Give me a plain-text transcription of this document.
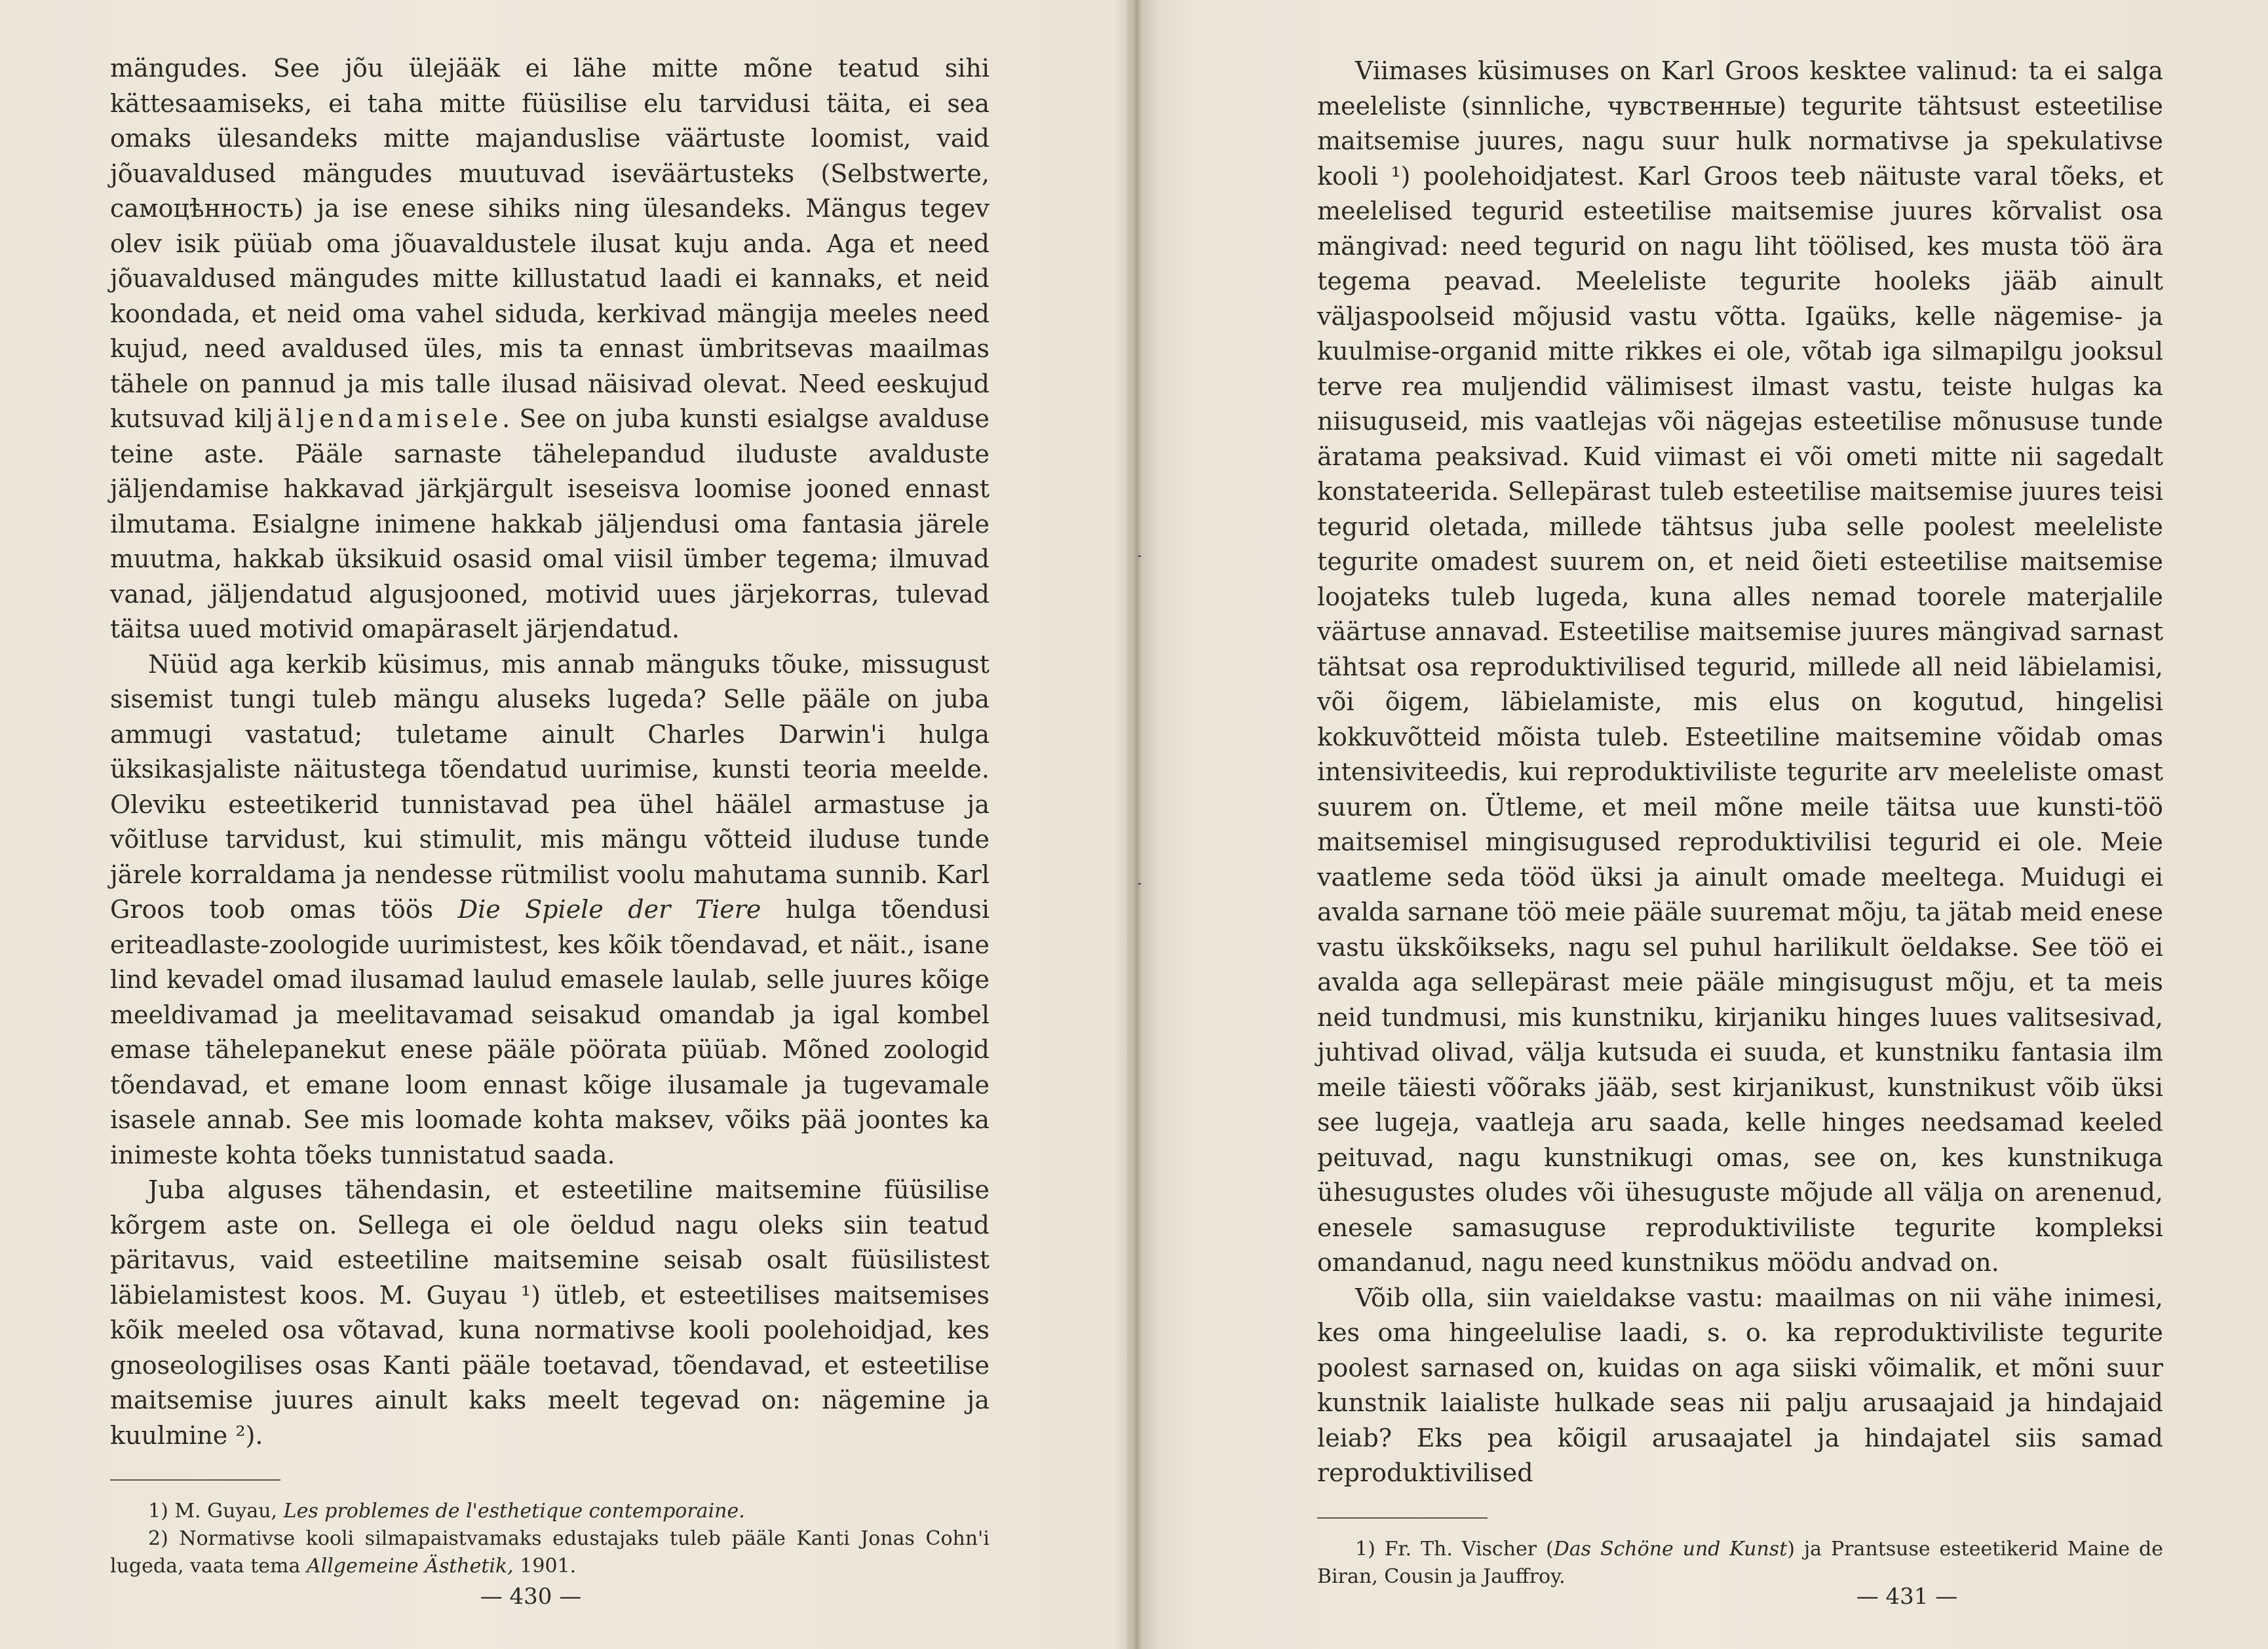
mängudes. See jõu ülejääk ei lähe mitte mõne teatud sihi kättesaamiseks, ei taha mitte füüsilise elu tarvidusi täita, ei sea omaks ülesandeks mitte majanduslise väärtuste loomist, vaid jõuavaldused mängudes muutuvad iseväärtusteks (Selbstwerte, самоцѣнность) ja ise enese sihiks ning ülesandeks. Mängus tegev olev isik püüab oma jõuavaldustele ilusat kuju anda. Aga et need jõuavaldused mängudes mitte killustatud laadi ei kannaks, et neid koondada, et neid oma vahel siduda, kerkivad mängija meeles need kujud, need avaldused üles, mis ta ennast ümbritsevas maailmas tähele on pannud ja mis talle ilusad näisivad olevat. Need eeskujud kutsuvad kiljäljendamisele. See on juba kunsti esialgse avalduse teine aste. Pääle sarnaste tähelepandud iluduste avalduste jäljendamise hakkavad järkjärgult iseseisva loomise jooned ennast ilmutama. Esialgne inimene hakkab jäljendusi oma fantasia järele muutma, hakkab üksikuid osasid omal viisil ümber tegema; ilmuvad vanad, jäljendatud algusjooned, motivid uues järjekorras, tulevad täitsa uued motivid omapäraselt järjendatud.

Nüüd aga kerkib küsimus, mis annab mänguks tõuke, missugust sisemist tungi tuleb mängu aluseks lugeda? Selle pääle on juba ammugi vastatud; tuletame ainult Charles Darwin'i hulga üksikasjaliste näitustega tõendatud uurimise, kunsti teoria meelde. Oleviku esteetikerid tunnistavad pea ühel häälel armastuse ja võitluse tarvidust, kui stimulit, mis mängu võtteid iluduse tunde järele korraldama ja nendesse rütmilist voolu mahutama sunnib. Karl Groos toob omas töös Die Spiele der Tiere hulga tõendusi eriteadlaste-zoologide uurimistest, kes kõik tõendavad, et näit., isane lind kevadel omad ilusamad laulud emasele laulab, selle juures kõige meeldivamad ja meelitavamad seisakud omandab ja igal kombel emase tähelepanekut enese pääle pöörata püüab. Mõned zoologid tõendavad, et emane loom ennast kõige ilusamale ja tugevamale isasele annab. See mis loomade kohta maksev, võiks pää joontes ka inimeste kohta tõeks tunnistatud saada.

Juba alguses tähendasin, et esteetiline maitsemine füüsilise kõrgem aste on. Sellega ei ole öeldud nagu oleks siin teatud päritavus, vaid esteetiline maitsemine seisab osalt füüsilistest läbielamistest koos. M. Guyau ¹) ütleb, et esteetilises maitsemises kõik meeled osa võtavad, kuna normativse kooli poolehoidjad, kes gnoseologilises osas Kanti pääle toetavad, tõendavad, et esteetilise maitsemise juures ainult kaks meelt tegevad on: nägemine ja kuulmine ²).

1) M. Guyau, Les problemes de l'esthetique contemporaine.

2) Normativse kooli silmapaistvamaks edustajaks tuleb pääle Kanti Jonas Cohn'i lugeda, vaata tema Allgemeine Ästhetik, 1901.

— 430 —

Viimases küsimuses on Karl Groos kesktee valinud: ta ei salga meeleliste (sinnliche, чувственные) tegurite tähtsust esteetilise maitsemise juures, nagu suur hulk normativse ja spekulativse kooli ¹) poolehoidjatest. Karl Groos teeb näituste varal tõeks, et meelelised tegurid esteetilise maitsemise juures kõrvalist osa mängivad: need tegurid on nagu liht töölised, kes musta töö ära tegema peavad. Meeleliste tegurite hooleks jääb ainult väljaspoolseid mõjusid vastu võtta. Igaüks, kelle nägemise- ja kuulmise-organid mitte rikkes ei ole, võtab iga silmapilgu jooksul terve rea muljendid välimisest ilmast vastu, teiste hulgas ka niisuguseid, mis vaatlejas või nägejas esteetilise mõnususe tunde äratama peaksivad. Kuid viimast ei või ometi mitte nii sagedalt konstateerida. Sellepärast tuleb esteetilise maitsemise juures teisi tegurid oletada, millede tähtsus juba selle poolest meeleliste tegurite omadest suurem on, et neid õieti esteetilise maitsemise loojateks tuleb lugeda, kuna alles nemad toorele materjalile väärtuse annavad. Esteetilise maitsemise juures mängivad sarnast tähtsat osa reproduktivilised tegurid, millede all neid läbielamisi, või õigem, läbielamiste, mis elus on kogutud, hingelisi kokkuvõtteid mõista tuleb. Esteetiline maitsemine võidab omas intensiviteedis, kui reproduktiviliste tegurite arv meeleliste omast suurem on. Ütleme, et meil mõne meile täitsa uue kunsti-töö maitsemisel mingisugused reproduktivilisi tegurid ei ole. Meie vaatleme seda tööd üksi ja ainult omade meeltega. Muidugi ei avalda sarnane töö meie pääle suuremat mõju, ta jätab meid enese vastu ükskõikseks, nagu sel puhul harilikult öeldakse. See töö ei avalda aga sellepärast meie pääle mingisugust mõju, et ta meis neid tundmusi, mis kunstniku, kirjaniku hinges luues valitsesivad, juhtivad olivad, välja kutsuda ei suuda, et kunstniku fantasia ilm meile täiesti võõraks jääb, sest kirjanikust, kunstnikust võib üksi see lugeja, vaatleja aru saada, kelle hinges needsamad keeled peituvad, nagu kunstnikugi omas, see on, kes kunstnikuga ühesugustes oludes või ühesuguste mõjude all välja on arenenud, enesele samasuguse reproduktiviliste tegurite kompleksi omandanud, nagu need kunstnikus möödu andvad on.

Võib olla, siin vaieldakse vastu: maailmas on nii vähe inimesi, kes oma hingeelulise laadi, s. o. ka reproduktiviliste tegurite poolest sarnased on, kuidas on aga siiski võimalik, et mõni suur kunstnik laialiste hulkade seas nii palju arusaajaid ja hindajaid leiab? Eks pea kõigil arusaajatel ja hindajatel siis samad reproduktivilised

1) Fr. Th. Vischer (Das Schöne und Kunst) ja Prantsuse esteetikerid Maine de Biran, Cousin ja Jauffroy.

— 431 —
